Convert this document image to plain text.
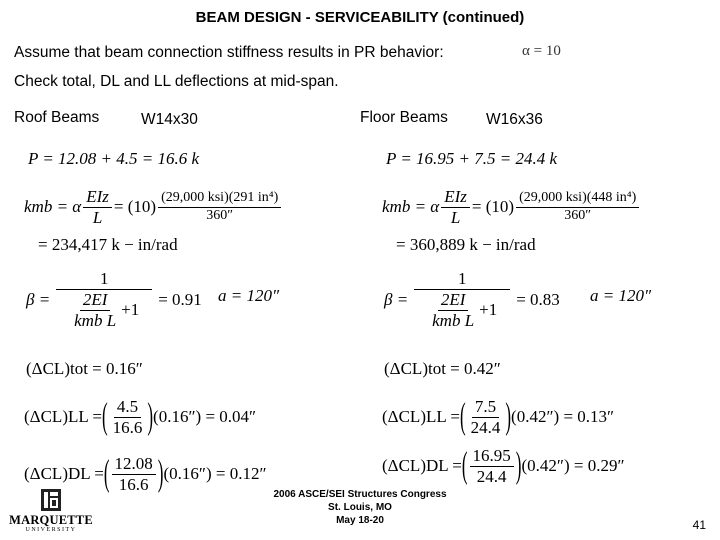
BEAM DESIGN - SERVICEABILITY (continued)
Assume that beam connection stiffness results in PR behavior:	α = 10
Check total, DL and LL deflections at mid-span.
Roof Beams	W14x30	Floor Beams W16x36
P = 12.08 + 4.5 = 16.6 k
kmb = α $\frac{\text{EIz}}{L} = (10) \frac{\text{(29,000 ksi)(291 in⁴)}}{360''}$
= 234,417 k − in/rad
β =
1
$\frac{2EI}{\text{kmb L}} +1$
= 0.91 a = 120″
(ΔCL)tot = 0.16″
(ΔCL)LL = ( $\frac{4.5}{16.6}$ ) (0.16″) = 0.04″
(ΔCL)DL = ( $\frac{12.08}{16.6}$ ) (0.16″) = 0.12″
P = 16.95 + 7.5 = 24.4 k
kmb = α $\frac{\text{EIz}}{L} = (10) \frac{\text{(29,000 ksi)(448 in⁴)}}{360''}$
= 360,889 k − in/rad
β =
1
$\frac{2EI}{\text{kmb L}} +1$
= 0.83 a = 120″
(ΔCL)tot = 0.42″
(ΔCL)LL = ( $\frac{7.5}{24.4}$ ) (0.42″) = 0.13″
(ΔCL)DL = ( $\frac{16.95}{24.4}$ ) (0.42″) = 0.29″
MARQUETTE
UNIVERSITY
2006 ASCE/SEI Structures Congress
St. Louis, MO
May 18-20	41
